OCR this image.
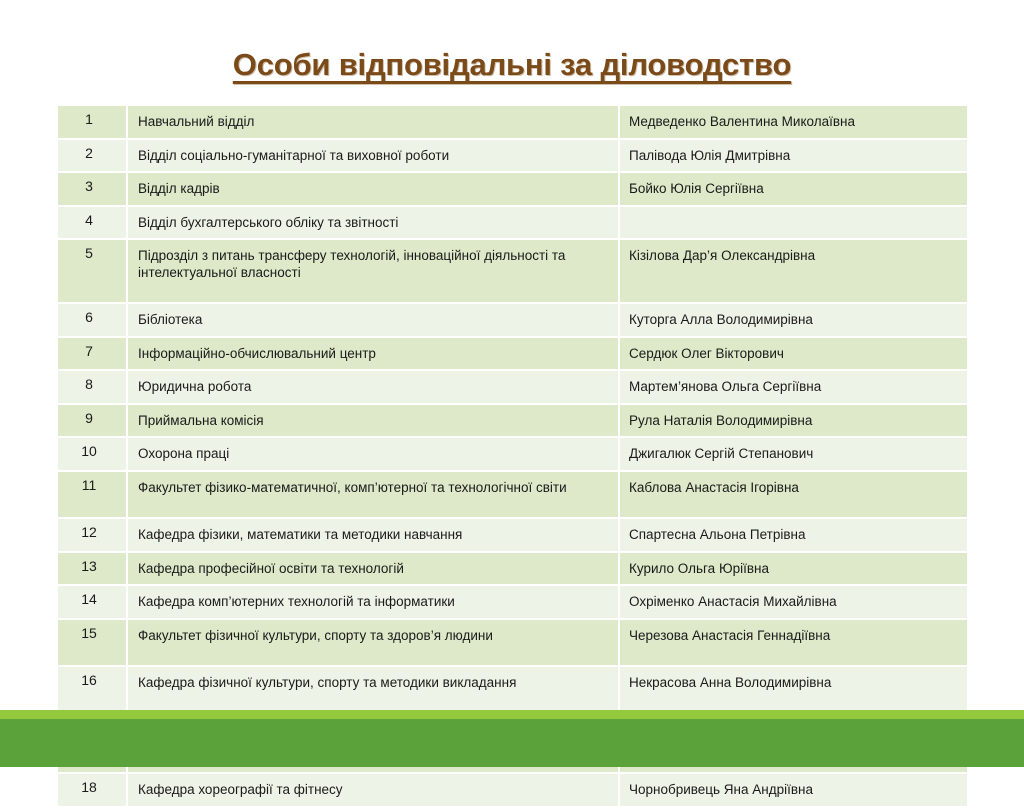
Особи відповідальні за діловодство
1	Навчальний відділ	Медведенко Валентина Миколаївна

2	Відділ соціально-гуманітарної та виховної роботи	Палівода Юлія Дмитрівна

3	Відділ кадрів	Бойко Юлія Сергіївна

4	Відділ бухгалтерського обліку та звітності	

5	Підрозділ з питань трансферу технологій, інноваційної діяльності та інтелектуальної власності	Кізілова Дар’я Олександрівна

6	Бібліотека	Куторга Алла Володимирівна

7	Інформаційно-обчислювальний центр	Сердюк Олег Вікторович

8	Юридична робота	Мартем’янова Ольга Сергіївна

9	Приймальна комісія	Рула Наталія Володимирівна

10	Охорона праці	Джигалюк Сергій Степанович

11	Факультет фізико-математичної, комп’ютерної та технологічної світи	Каблова Анастасія Ігорівна

12	Кафедра фізики, математики та методики навчання	Спартесна Альона Петрівна

13	Кафедра професійної освіти та технологій	Курило Ольга Юріївна

14	Кафедра комп’ютерних технологій та інформатики	Охріменко Анастасія Михайлівна

15	Факультет фізичної культури, спорту та здоров’я людини	Черезова Анастасія Геннадіївна

16	Кафедра фізичної культури, спорту та методики викладання	Некрасова Анна Володимирівна

18	Кафедра хореографії та фітнесу	Чорнобривець Яна Андріївна
